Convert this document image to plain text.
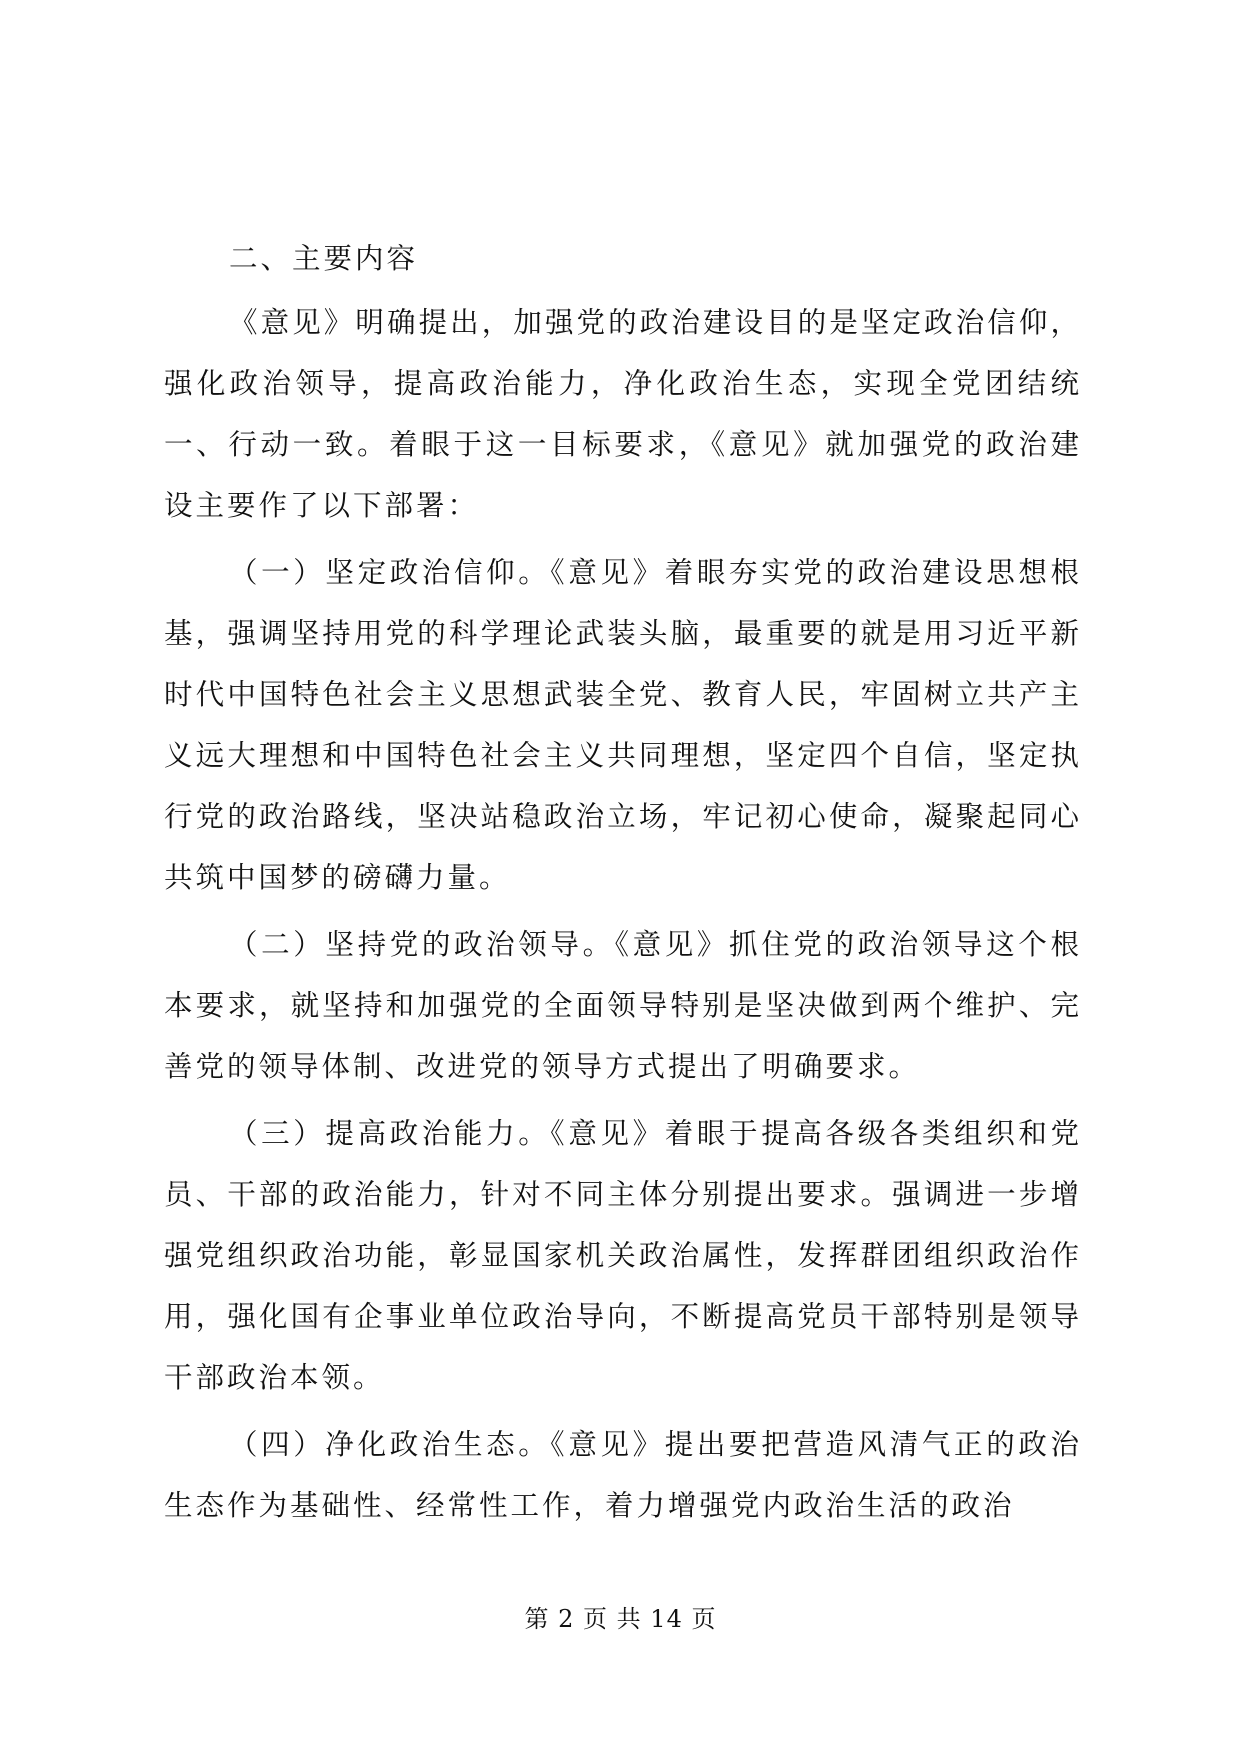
二、主要内容

《意见》明确提出，加强党的政治建设目的是坚定政治信仰，强化政治领导，提高政治能力，净化政治生态，实现全党团结统一、行动一致。着眼于这一目标要求，《意见》就加强党的政治建设主要作了以下部署：

（一）坚定政治信仰。《意见》着眼夯实党的政治建设思想根基，强调坚持用党的科学理论武装头脑，最重要的就是用习近平新时代中国特色社会主义思想武装全党、教育人民，牢固树立共产主义远大理想和中国特色社会主义共同理想，坚定四个自信，坚定执行党的政治路线，坚决站稳政治立场，牢记初心使命，凝聚起同心共筑中国梦的磅礴力量。

（二）坚持党的政治领导。《意见》抓住党的政治领导这个根本要求，就坚持和加强党的全面领导特别是坚决做到两个维护、完善党的领导体制、改进党的领导方式提出了明确要求。

（三）提高政治能力。《意见》着眼于提高各级各类组织和党员、干部的政治能力，针对不同主体分别提出要求。强调进一步增强党组织政治功能，彰显国家机关政治属性，发挥群团组织政治作用，强化国有企事业单位政治导向，不断提高党员干部特别是领导干部政治本领。

（四）净化政治生态。《意见》提出要把营造风清气正的政治生态作为基础性、经常性工作，着力增强党内政治生活的政治

第 2 页 共 14 页
